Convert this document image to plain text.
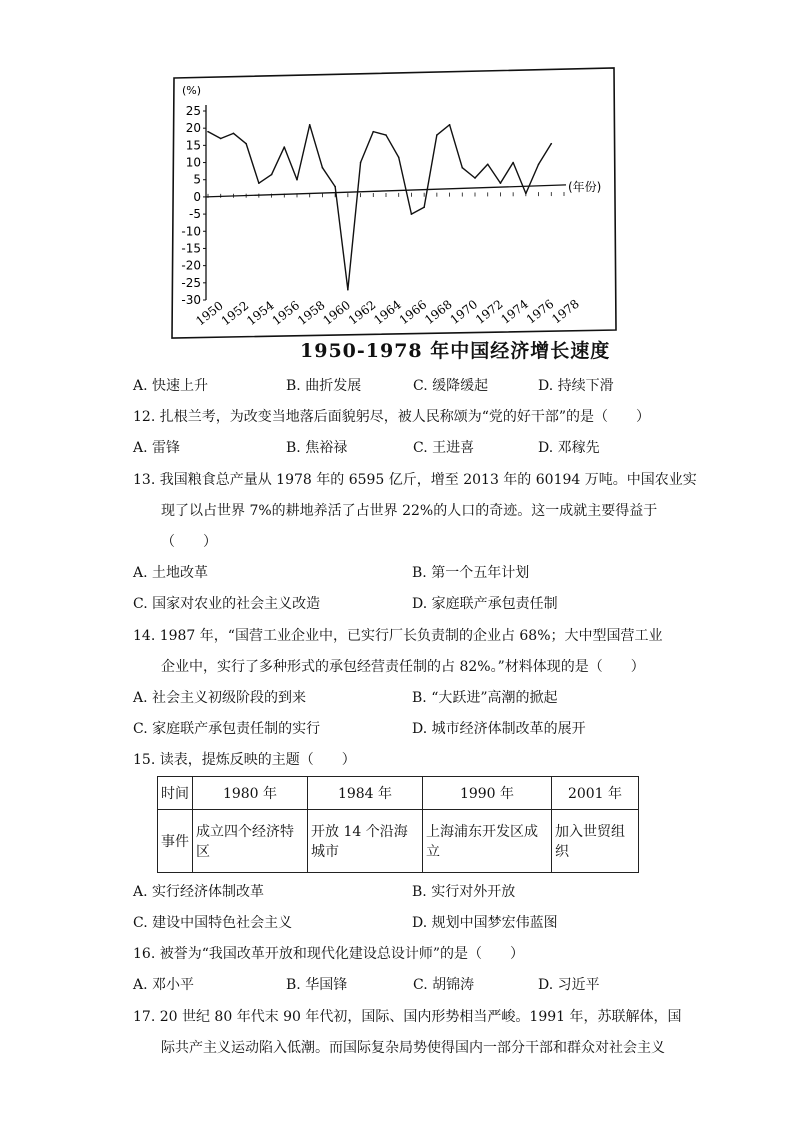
25
20
15
10
5
0
-5
-10
-15
-20
-25
-30
(%)
(年份)
1950
1952
1954
1956
1958
1960
1962
1964
1966
1968
1970
1972
1974
1976
1978
1950-1978 年中国经济增长速度
A. 快速上升	B. 曲折发展	C. 缓降缓起	D. 持续下滑
12. 扎根兰考，为改变当地落后面貌躬尽，被人民称颂为“党的好干部”的是（　　）
A. 雷锋	B. 焦裕禄	C. 王进喜	D. 邓稼先
13. 我国粮食总产量从 1978 年的 6595 亿斤，增至 2013 年的 60194 万吨。中国农业实
现了以占世界 7%的耕地养活了占世界 22%的人口的奇迹。这一成就主要得益于
（　　）
A. 土地改革	B. 第一个五年计划
C. 国家对农业的社会主义改造	D. 家庭联产承包责任制
14. 1987 年，“国营工业企业中，已实行厂长负责制的企业占 68%；大中型国营工业
企业中，实行了多种形式的承包经营责任制的占 82%。”材料体现的是（　　）
A. 社会主义初级阶段的到来	B. “大跃进”高潮的掀起
C. 家庭联产承包责任制的实行	D. 城市经济体制改革的展开
15. 读表，提炼反映的主题（　　）
时间	1980 年	1984 年	1990 年	2001 年
事件	成立四个经济特区	开放 14 个沿海城市	上海浦东开发区成立	加入世贸组织
A. 实行经济体制改革	B. 实行对外开放
C. 建设中国特色社会主义	D. 规划中国梦宏伟蓝图
16. 被誉为“我国改革开放和现代化建设总设计师”的是（　　）
A. 邓小平	B. 华国锋	C. 胡锦涛	D. 习近平
17. 20 世纪 80 年代末 90 年代初，国际、国内形势相当严峻。1991 年，苏联解体，国
际共产主义运动陷入低潮。而国际复杂局势使得国内一部分干部和群众对社会主义
